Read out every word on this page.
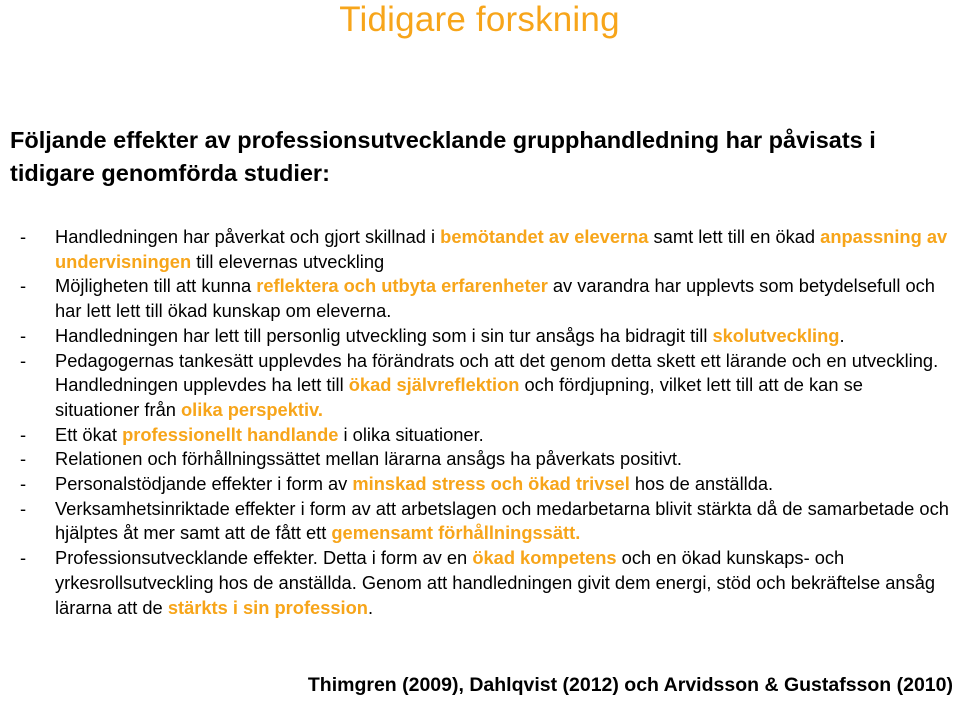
Tidigare forskning

Följande effekter av professionsutvecklande grupphandledning har påvisats i tidigare genomförda studier:

- Handledningen har påverkat och gjort skillnad i bemötandet av eleverna samt lett till en ökad anpassning av undervisningen till elevernas utveckling
- Möjligheten till att kunna reflektera och utbyta erfarenheter av varandra har upplevts som betydelsefull och har lett lett till ökad kunskap om eleverna.
- Handledningen har lett till personlig utveckling som i sin tur ansågs ha bidragit till skolutveckling.
- Pedagogernas tankesätt upplevdes ha förändrats och att det genom detta skett ett lärande och en utveckling. Handledningen upplevdes ha lett till ökad självreflektion och fördjupning, vilket lett till att de kan se situationer från olika perspektiv.
- Ett ökat professionellt handlande i olika situationer.
- Relationen och förhållningssättet mellan lärarna ansågs ha påverkats positivt.
- Personalstödjande effekter i form av minskad stress och ökad trivsel hos de anställda.
- Verksamhetsinriktade effekter i form av att arbetslagen och medarbetarna blivit stärkta då de samarbetade och hjälptes åt mer samt att de fått ett gemensamt förhållningssätt.
- Professionsutvecklande effekter. Detta i form av en ökad kompetens och en ökad kunskaps- och yrkesrollsutveckling hos de anställda. Genom att handledningen givit dem energi, stöd och bekräftelse ansåg lärarna att de stärkts i sin profession.

Thimgren (2009), Dahlqvist (2012) och Arvidsson & Gustafsson (2010)
